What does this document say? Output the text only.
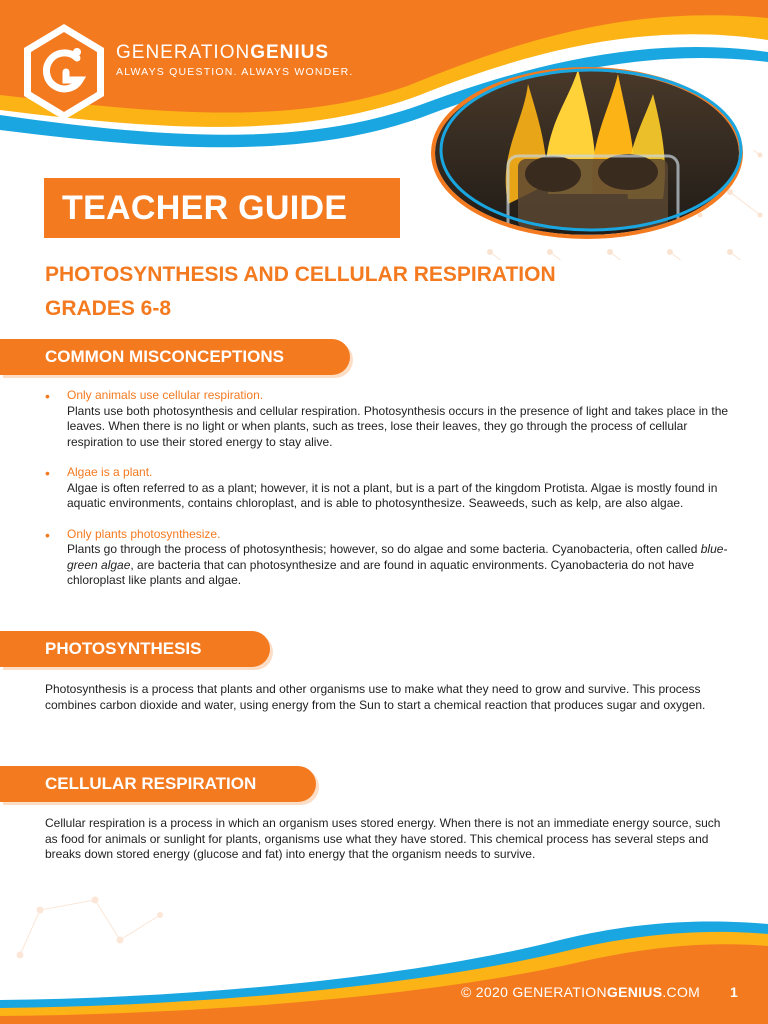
GENERATIONGENIUS
ALWAYS QUESTION. ALWAYS WONDER.
TEACHER GUIDE
PHOTOSYNTHESIS AND CELLULAR RESPIRATION
GRADES 6-8
COMMON MISCONCEPTIONS
• Only animals use cellular respiration.
Plants use both photosynthesis and cellular respiration. Photosynthesis occurs in the presence of light and takes place in the leaves. When there is no light or when plants, such as trees, lose their leaves, they go through the process of cellular respiration to use their stored energy to stay alive.
• Algae is a plant.
Algae is often referred to as a plant; however, it is not a plant, but is a part of the kingdom Protista. Algae is mostly found in aquatic environments, contains chloroplast, and is able to photosynthesize. Seaweeds, such as kelp, are also algae.
• Only plants photosynthesize.
Plants go through the process of photosynthesis; however, so do algae and some bacteria. Cyanobacteria, often called blue-green algae, are bacteria that can photosynthesize and are found in aquatic environments. Cyanobacteria do not have chloroplast like plants and algae.
PHOTOSYNTHESIS

Photosynthesis is a process that plants and other organisms use to make what they need to grow and survive. This process combines carbon dioxide and water, using energy from the Sun to start a chemical reaction that produces sugar and oxygen.

CELLULAR RESPIRATION

Cellular respiration is a process in which an organism uses stored energy. When there is not an immediate energy source, such as food for animals or sunlight for plants, organisms use what they have stored. This chemical process has several steps and breaks down stored energy (glucose and fat) into energy that the organism needs to survive.

© 2020 GENERATIONGENIUS.COM 1
